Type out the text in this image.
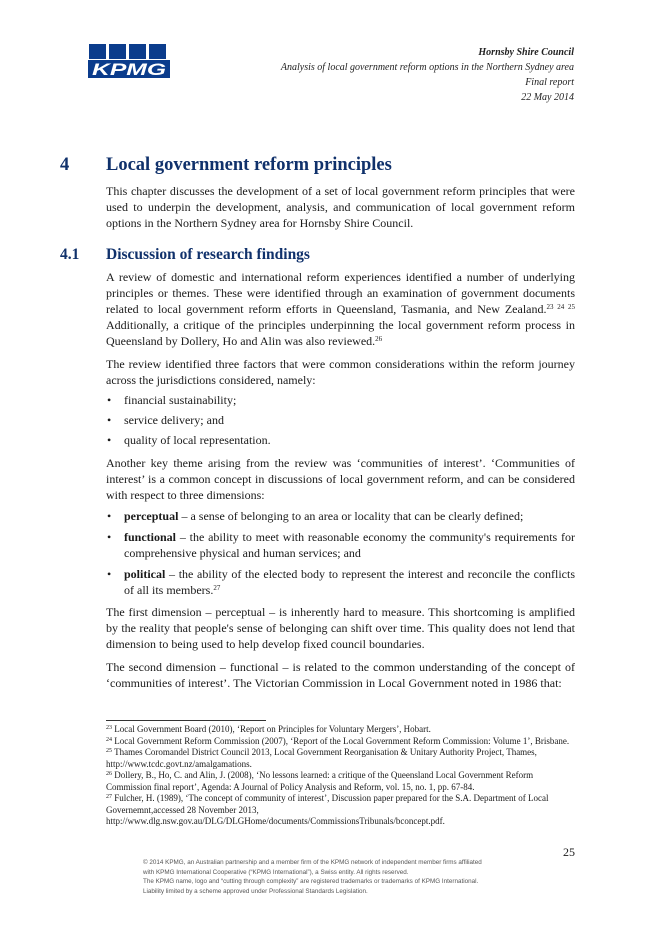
KPMG
Hornsby Shire Council
Analysis of local government reform options in the Northern Sydney area
Final report
22 May 2014
4 Local government reform principles

This chapter discusses the development of a set of local government reform principles that were used to underpin the development, analysis, and communication of local government reform options in the Northern Sydney area for Hornsby Shire Council.

4.1 Discussion of research findings

A review of domestic and international reform experiences identified a number of underlying principles or themes. These were identified through an examination of government documents related to local government reform efforts in Queensland, Tasmania, and New Zealand.$^{23 24 25}$ Additionally, a critique of the principles underpinning the local government reform process in Queensland by Dollery, Ho and Alin was also reviewed.$^{26}$

The review identified three factors that were common considerations within the reform journey across the jurisdictions considered, namely:

• financial sustainability;
• service delivery; and
• quality of local representation.

Another key theme arising from the review was ‘communities of interest’. ‘Communities of interest’ is a common concept in discussions of local government reform, and can be considered with respect to three dimensions:

• perceptual – a sense of belonging to an area or locality that can be clearly defined;
• functional – the ability to meet with reasonable economy the community's requirements for comprehensive physical and human services; and
• political – the ability of the elected body to represent the interest and reconcile the conflicts of all its members.$^{27}$

The first dimension – perceptual – is inherently hard to measure. This shortcoming is amplified by the reality that people's sense of belonging can shift over time. This quality does not lend that dimension to being used to help develop fixed council boundaries.

The second dimension – functional – is related to the common understanding of the concept of ‘communities of interest’. The Victorian Commission in Local Government noted in 1986 that:

$^{23}$ Local Government Board (2010), ‘Report on Principles for Voluntary Mergers’, Hobart.

$^{24}$ Local Government Reform Commission (2007), ‘Report of the Local Government Reform Commission: Volume 1’, Brisbane.

$^{25}$ Thames Coromandel District Council 2013, Local Government Reorganisation & Unitary Authority Project, Thames, http://www.tcdc.govt.nz/amalgamations.

$^{26}$ Dollery, B., Ho, C. and Alin, J. (2008), ‘No lessons learned: a critique of the Queensland Local Government Reform Commission final report’, Agenda: A Journal of Policy Analysis and Reform, vol. 15, no. 1, pp. 67-84.

$^{27}$ Fulcher, H. (1989), ‘The concept of community of interest’, Discussion paper prepared for the S.A. Department of Local Governemnt,accessed 28 November 2013, http://www.dlg.nsw.gov.au/DLG/DLGHome/documents/CommissionsTribunals/bconcept.pdf.

25

© 2014 KPMG, an Australian partnership and a member firm of the KPMG network of independent member firms affiliated

with KPMG International Cooperative (“KPMG International”), a Swiss entity. All rights reserved.

The KPMG name, logo and “cutting through complexity” are registered trademarks or trademarks of KPMG International.

Liability limited by a scheme approved under Professional Standards Legislation.
